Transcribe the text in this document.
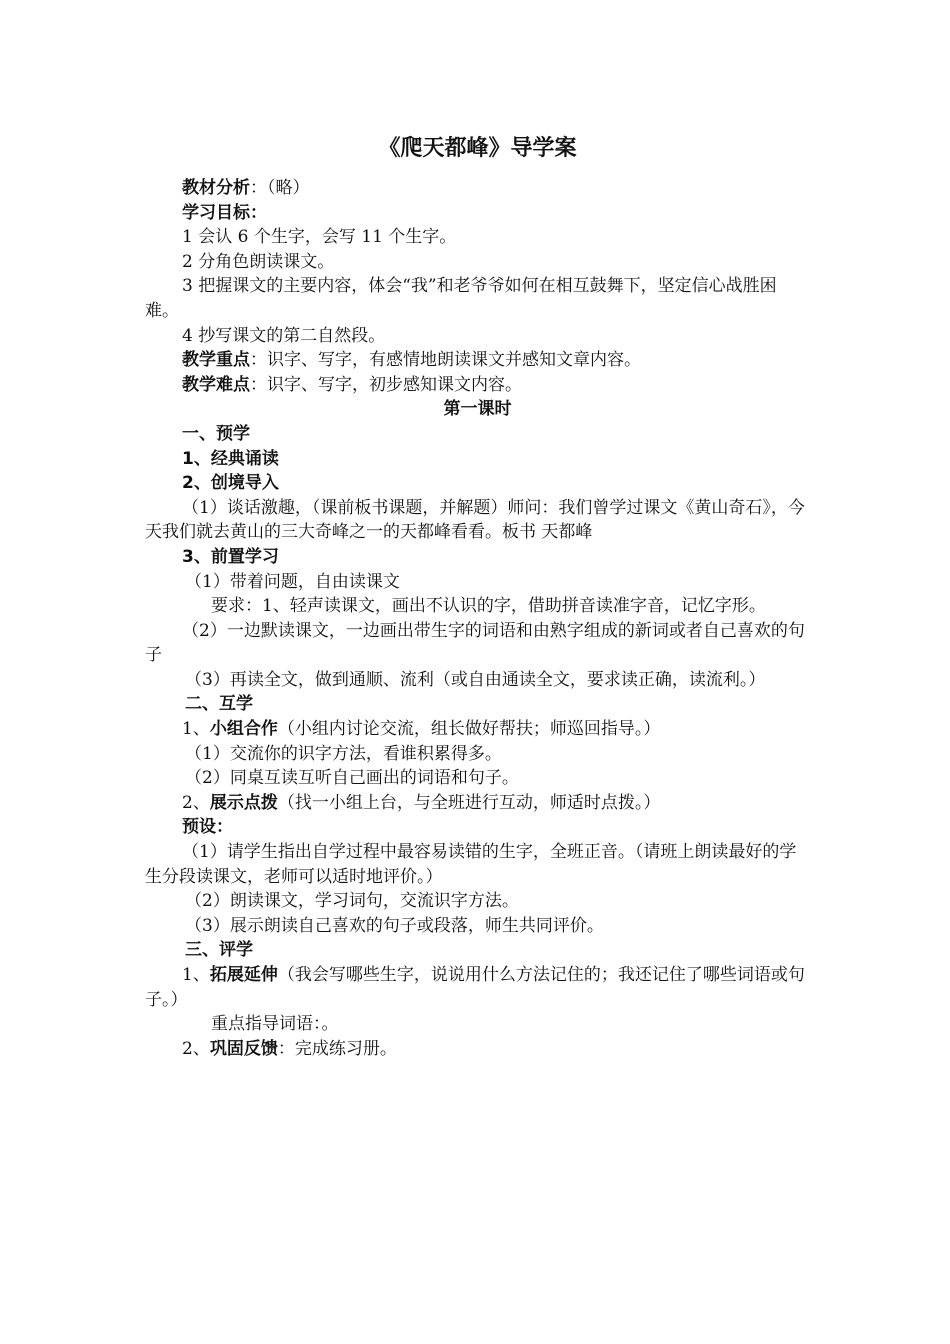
《爬天都峰》导学案

教材分析：（略）

学习目标：

1 会认 6 个生字，会写 11 个生字。

2 分角色朗读课文。

3 把握课文的主要内容，体会“我”和老爷爷如何在相互鼓舞下，坚定信心战胜困难。

4 抄写课文的第二自然段。

教学重点：识字、写字，有感情地朗读课文并感知文章内容。

教学难点：识字、写字，初步感知课文内容。

第一课时

一、预学

1、经典诵读

2、创境导入

（1）谈话激趣，（课前板书课题，并解题）师问：我们曾学过课文《黄山奇石》，今天我们就去黄山的三大奇峰之一的天都峰看看。板书 天都峰

3、前置学习

（1）带着问题，自由读课文

要求：1、轻声读课文，画出不认识的字，借助拼音读准字音，记忆字形。

（2）一边默读课文，一边画出带生字的词语和由熟字组成的新词或者自己喜欢的句子

（3）再读全文，做到通顺、流利（或自由通读全文，要求读正确，读流利。）

二、互学

1、小组合作（小组内讨论交流，组长做好帮扶；师巡回指导。）

（1）交流你的识字方法，看谁积累得多。

（2）同桌互读互听自己画出的词语和句子。

2、展示点拨（找一小组上台，与全班进行互动，师适时点拨。）

预设：

（1）请学生指出自学过程中最容易读错的生字，全班正音。（请班上朗读最好的学生分段读课文，老师可以适时地评价。）

（2）朗读课文，学习词句，交流识字方法。

（3）展示朗读自己喜欢的句子或段落，师生共同评价。

三、评学

1、拓展延伸（我会写哪些生字，说说用什么方法记住的；我还记住了哪些词语或句子。）

重点指导词语：。

2、巩固反馈：完成练习册。
